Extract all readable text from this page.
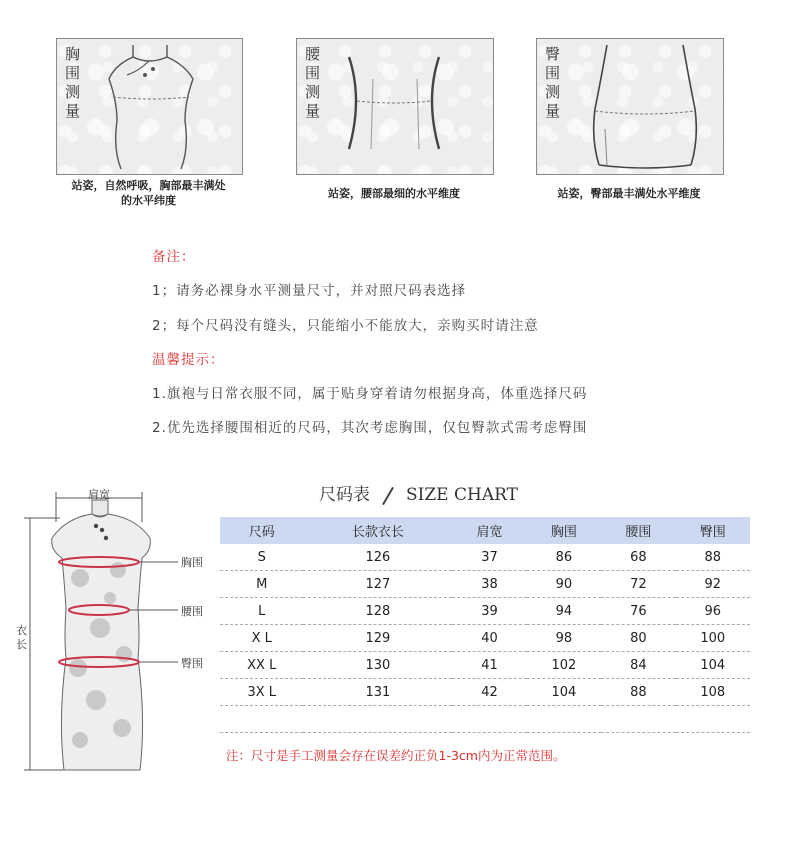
胸围测量
站姿，自然呼吸，胸部最丰满处
的水平纬度
腰围测量
站姿，腰部最细的水平维度
臀围测量
站姿，臀部最丰满处水平维度
备注：
1；请务必裸身水平测量尺寸，并对照尺码表选择
2；每个尺码没有缝头，只能缩小不能放大，亲购买时请注意
温馨提示：
1.旗袍与日常衣服不同，属于贴身穿着请勿根据身高，体重选择尺码
2.优先选择腰围相近的尺码，其次考虑胸围，仅包臀款式需考虑臀围
肩宽
胸围
腰围
臀围
衣长
尺码表 SIZE CHART
尺码	长款衣长	肩宽	胸围	腰围	臀围
S	126	37	86	68	88
M	127	38	90	72	92
L	128	39	94	76	96
X L	129	40	98	80	100
XX L	130	41	102	84	104
3X L	131	42	104	88	108

注：尺寸是手工测量会存在误差约正负1-3cm内为正常范围。
